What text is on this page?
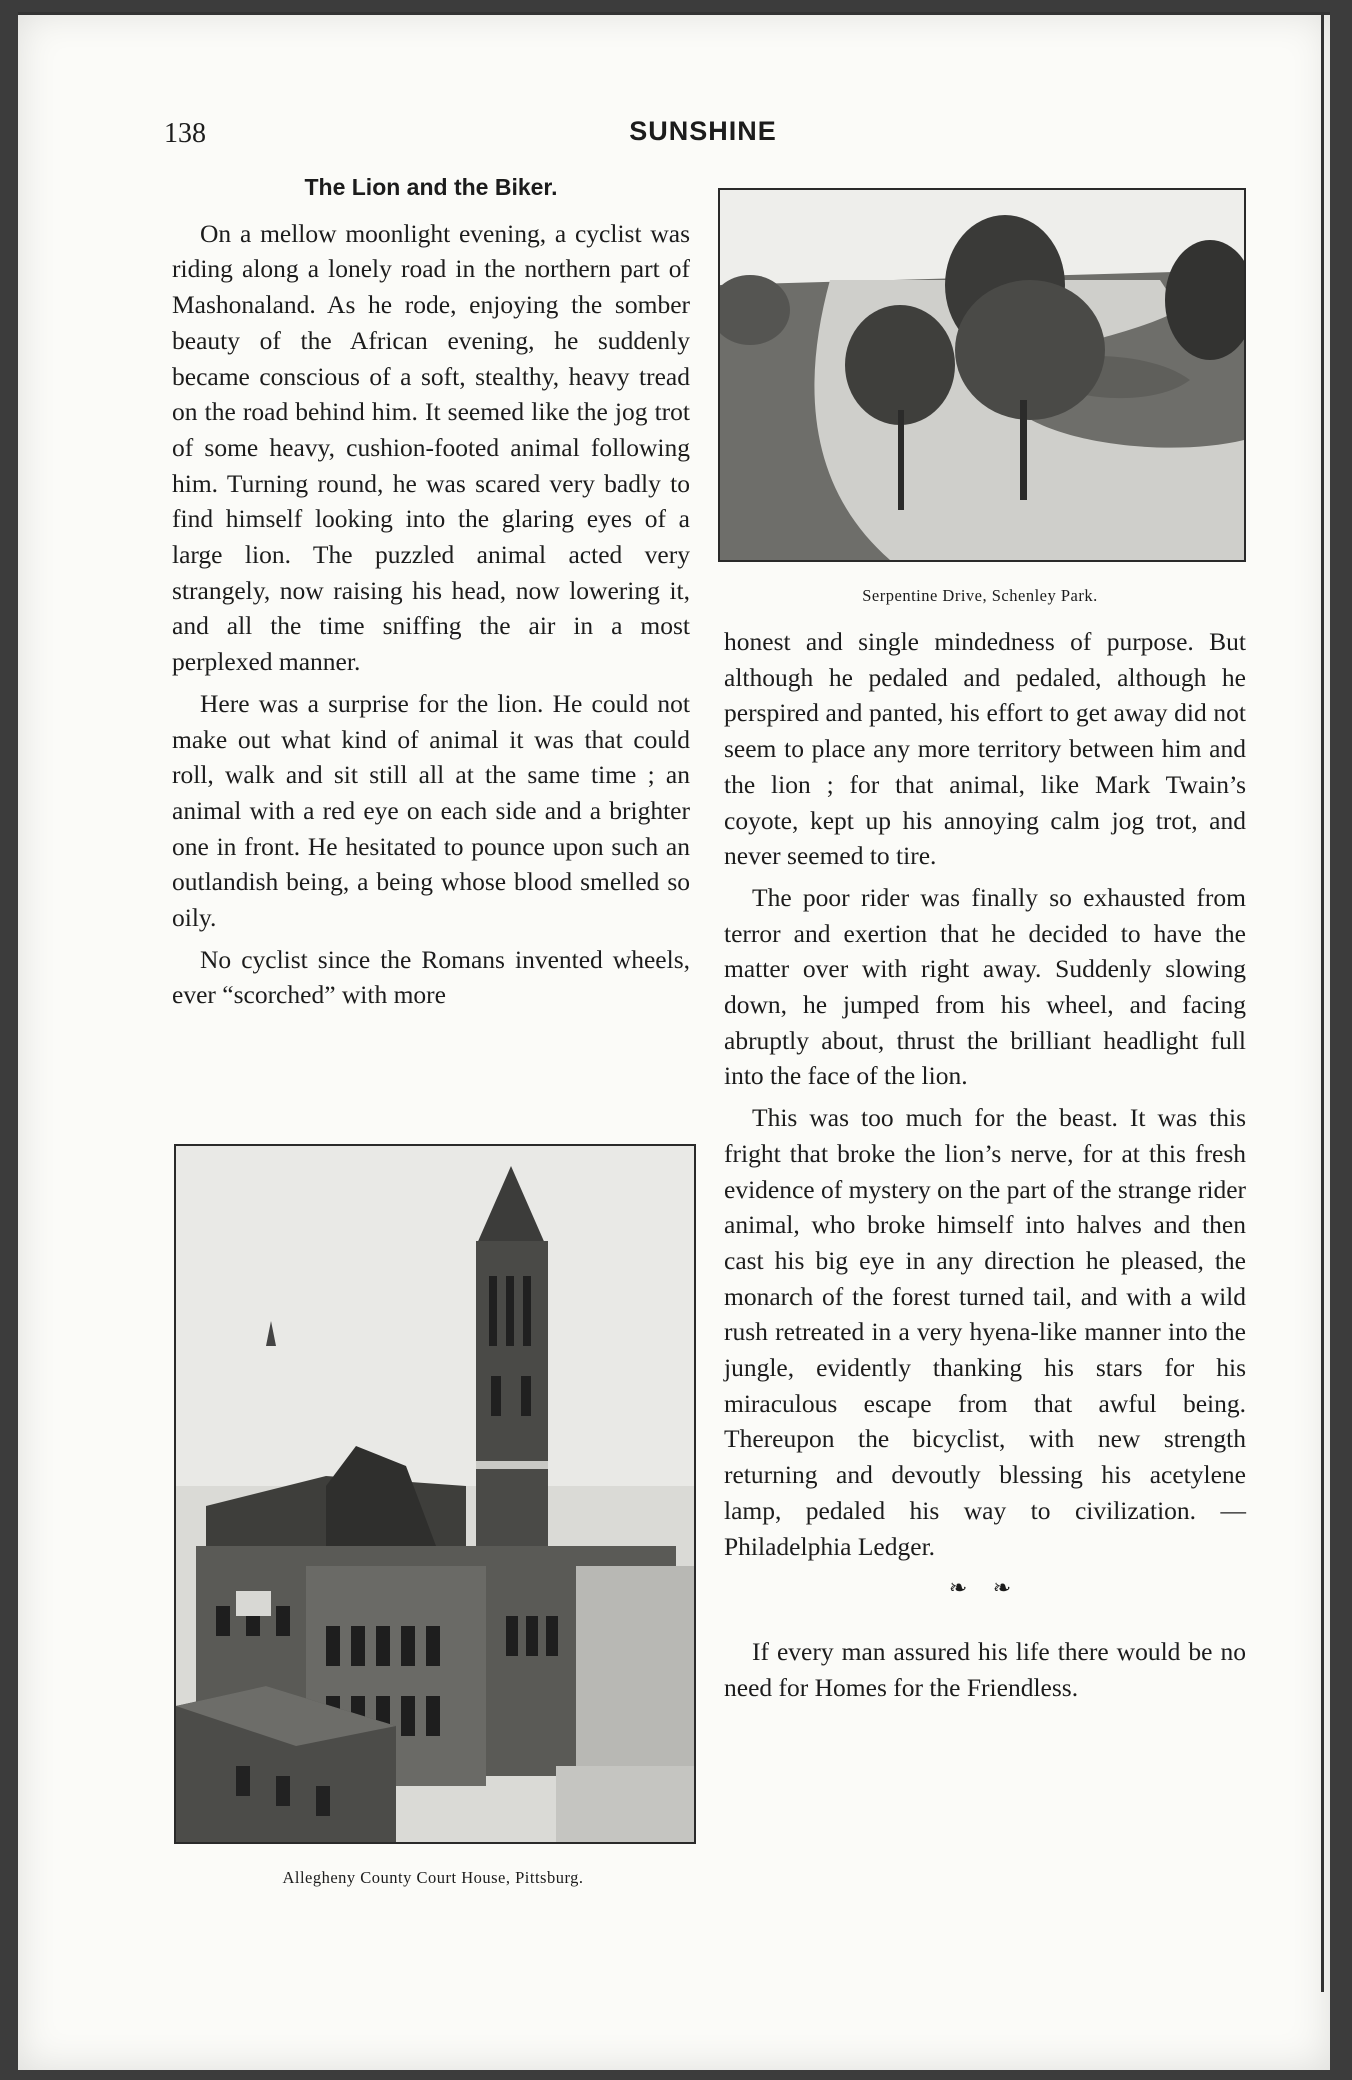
138	SUNSHINE
The Lion and the Biker.

On a mellow moonlight evening, a cyclist was riding along a lonely road in the northern part of Mashonaland. As he rode, enjoying the somber beauty of the African evening, he suddenly became conscious of a soft, stealthy, heavy tread on the road behind him. It seemed like the jog trot of some heavy, cushion-footed animal following him. Turning round, he was scared very badly to find himself looking into the glaring eyes of a large lion. The puzzled animal acted very strangely, now raising his head, now lowering it, and all the time sniffing the air in a most perplexed manner.

Here was a surprise for the lion. He could not make out what kind of animal it was that could roll, walk and sit still all at the same time ; an animal with a red eye on each side and a brighter one in front. He hesitated to pounce upon such an outlandish being, a being whose blood smelled so oily.

No cyclist since the Romans invented wheels, ever “scorched” with more

Serpentine Drive, Schenley Park.

honest and single mindedness of purpose. But although he pedaled and pedaled, although he perspired and panted, his effort to get away did not seem to place any more territory between him and the lion ; for that animal, like Mark Twain’s coyote, kept up his annoying calm jog trot, and never seemed to tire.

The poor rider was finally so exhausted from terror and exertion that he decided to have the matter over with right away. Suddenly slowing down, he jumped from his wheel, and facing abruptly about, thrust the brilliant headlight full into the face of the lion.

This was too much for the beast. It was this fright that broke the lion’s nerve, for at this fresh evidence of mystery on the part of the strange rider animal, who broke himself into halves and then cast his big eye in any direction he pleased, the monarch of the forest turned tail, and with a wild rush retreated in a very hyena-like manner into the jungle, evidently thanking his stars for his miraculous escape from that awful being. Thereupon the bicyclist, with new strength returning and devoutly blessing his acetylene lamp, pedaled his way to civilization. — Philadelphia Ledger.

❧ ❧

If every man assured his life there would be no need for Homes for the Friendless.

Allegheny County Court House, Pittsburg.
